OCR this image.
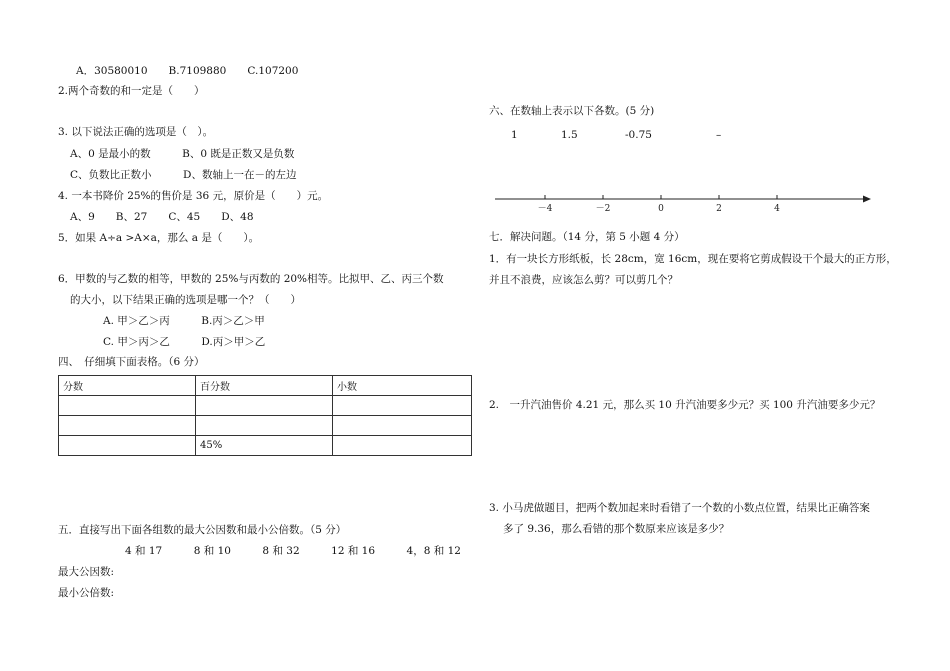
A．30580010　　B.7109880　　C.107200
2.两个奇数的和一定是（　　）
3. 以下说法正确的选项是（　）。
A、0 是最小的数　　　B、0 既是正数又是负数
C、负数比正数小　　　D、数轴上一在－的左边
4. 一本书降价 25%的售价是 36 元，原价是（　　）元。
A、9　　B、27　　C、45　　D、48
5．如果 A÷a >A×a，那么 a 是（　　）。
6．甲数的与乙数的相等，甲数的 25%与丙数的 20%相等。比拟甲、乙、丙三个数
的大小，以下结果正确的选项是哪一个？（　　）
A. 甲＞乙＞丙　　　B.丙＞乙＞甲
C. 甲＞丙＞乙　　　D.丙＞甲＞乙
四、　仔细填下面表格。（6 分）
分数	百分数	小数

	45%	
五．直接写出下面各组数的最大公因数和最小公倍数。（5 分）
4 和 17　　　8 和 10　　　8 和 32　　　12 和 16　　　4，8 和 12
最大公因数:
最小公倍数:
六、在数轴上表示以下各数。(5 分)
1	1.5	-0.75	–
－4	－2	0	2	4
七．解决问题。（14 分，第 5 小题 4 分）
1．有一块长方形纸板，长 28cm，宽 16cm，现在要将它剪成假设干个最大的正方形，
并且不浪费，应该怎么剪？可以剪几个？
2.　一升汽油售价 4.21 元，那么买 10 升汽油要多少元？买 100 升汽油要多少元？
3. 小马虎做题目，把两个数加起来时看错了一个数的小数点位置，结果比正确答案
多了 9.36，那么看错的那个数原来应该是多少？
